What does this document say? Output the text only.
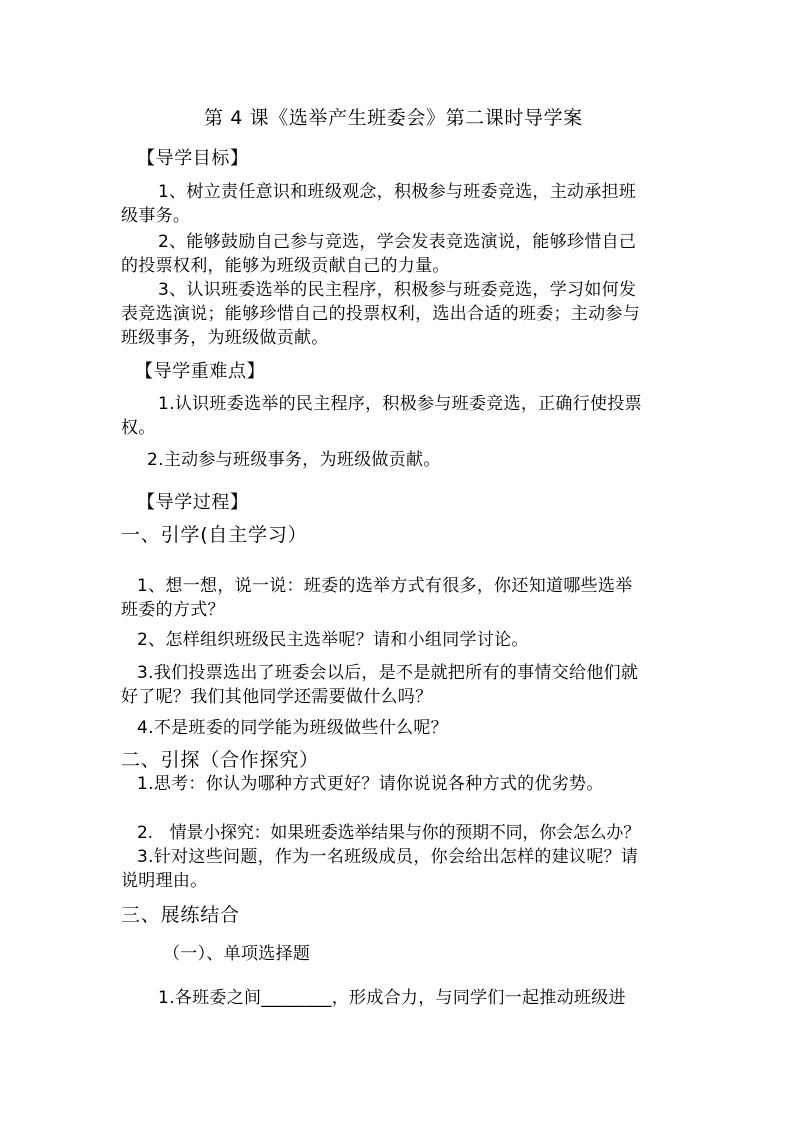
第 4 课《选举产生班委会》第二课时导学案
【导学目标】
1、树立责任意识和班级观念，积极参与班委竞选，主动承担班
级事务。
2、能够鼓励自己参与竞选，学会发表竞选演说，能够珍惜自己
的投票权利，能够为班级贡献自己的力量。
3、认识班委选举的民主程序，积极参与班委竞选，学习如何发
表竞选演说；能够珍惜自己的投票权利，选出合适的班委；主动参与
班级事务，为班级做贡献。
【导学重难点】
1.认识班委选举的民主程序，积极参与班委竞选，正确行使投票
权。
2.主动参与班级事务，为班级做贡献。
【导学过程】
一、引学(自主学习）
1、想一想，说一说：班委的选举方式有很多，你还知道哪些选举
班委的方式？
2、怎样组织班级民主选举呢？请和小组同学讨论。
3.我们投票选出了班委会以后，是不是就把所有的事情交给他们就
好了呢？我们其他同学还需要做什么吗？
4.不是班委的同学能为班级做些什么呢？
二、引探（合作探究）
1.思考：你认为哪种方式更好？请你说说各种方式的优劣势。
2.　情景小探究：如果班委选举结果与你的预期不同，你会怎么办？
3.针对这些问题，作为一名班级成员，你会给出怎样的建议呢？请
说明理由。
三、展练结合
（一）、单项选择题
1.各班委之间________，形成合力，与同学们一起推动班级进
